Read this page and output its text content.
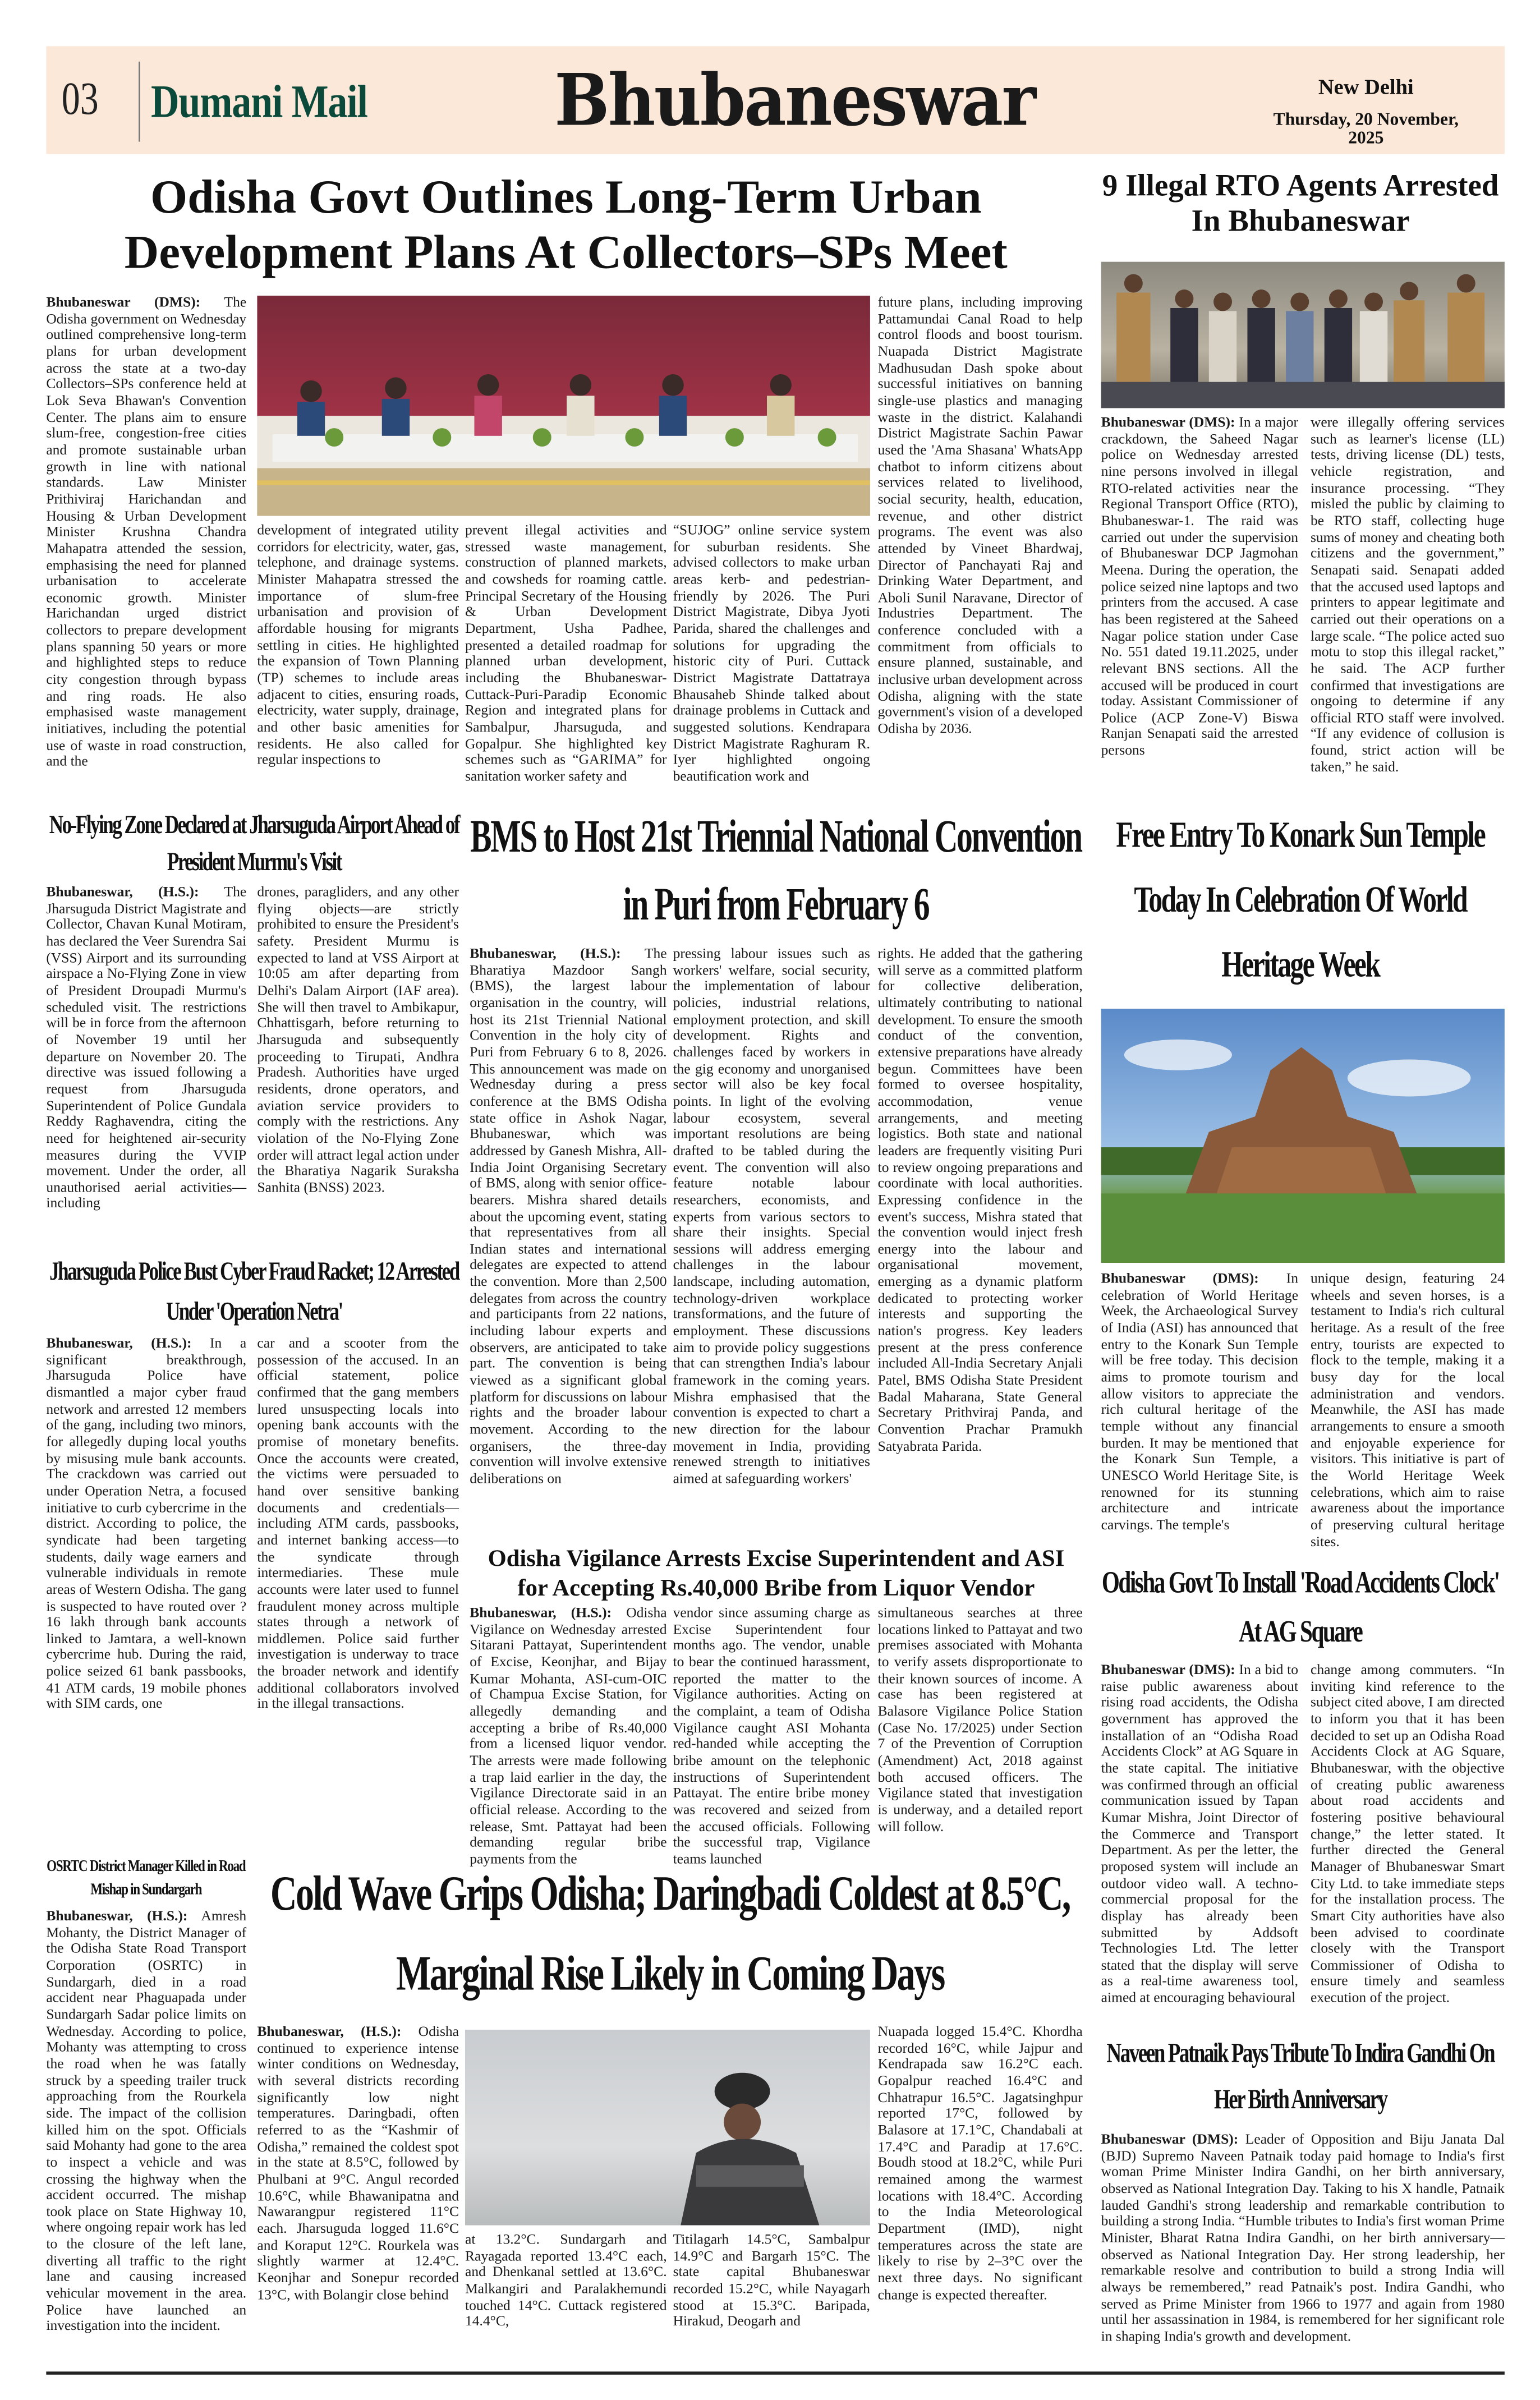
03	Dumani Mail	Bhubaneswar	New Delhi
Thursday, 20 November, 2025
Odisha Govt Outlines Long-Term Urban Development Plans At Collectors–SPs Meet
Bhubaneswar (DMS): The Odisha government on Wednesday outlined comprehensive long-term plans for urban development across the state at a two-day Collectors–SPs conference held at Lok Seva Bhawan's Convention Center. The plans aim to ensure slum-free, congestion-free cities and promote sustainable urban growth in line with national standards. Law Minister Prithiviraj Harichandan and Housing & Urban Development Minister Krushna Chandra Mahapatra attended the session, emphasising the need for planned urbanisation to accelerate economic growth. Minister Harichandan urged district collectors to prepare development plans spanning 50 years or more and highlighted steps to reduce city congestion through bypass and ring roads. He also emphasised waste management initiatives, including the potential use of waste in road construction, and the
development of integrated utility corridors for electricity, water, gas, telephone, and drainage systems. Minister Mahapatra stressed the importance of slum-free urbanisation and provision of affordable housing for migrants settling in cities. He highlighted the expansion of Town Planning (TP) schemes to include areas adjacent to cities, ensuring roads, electricity, water supply, drainage, and other basic amenities for residents. He also called for regular inspections to
prevent illegal activities and stressed waste management, construction of planned markets, and cowsheds for roaming cattle. Principal Secretary of the Housing & Urban Development Department, Usha Padhee, presented a detailed roadmap for planned urban development, including the Bhubaneswar-Cuttack-Puri-Paradip Economic Region and integrated plans for Sambalpur, Jharsuguda, and Gopalpur. She highlighted key schemes such as “GARIMA” for sanitation worker safety and
“SUJOG” online service system for suburban residents. She advised collectors to make urban areas kerb- and pedestrian-friendly by 2026. The Puri District Magistrate, Dibya Jyoti Parida, shared the challenges and solutions for upgrading the historic city of Puri. Cuttack District Magistrate Dattatraya Bhausaheb Shinde talked about drainage problems in Cuttack and suggested solutions. Kendrapara District Magistrate Raghuram R. Iyer highlighted ongoing beautification work and
future plans, including improving Pattamundai Canal Road to help control floods and boost tourism. Nuapada District Magistrate Madhusudan Dash spoke about successful initiatives on banning single-use plastics and managing waste in the district. Kalahandi District Magistrate Sachin Pawar used the 'Ama Shasana' WhatsApp chatbot to inform citizens about services related to livelihood, social security, health, education, revenue, and other district programs. The event was also attended by Vineet Bhardwaj, Director of Panchayati Raj and Drinking Water Department, and Aboli Sunil Naravane, Director of Industries Department. The conference concluded with a commitment from officials to ensure planned, sustainable, and inclusive urban development across Odisha, aligning with the state government's vision of a developed Odisha by 2036.
9 Illegal RTO Agents Arrested In Bhubaneswar
Bhubaneswar (DMS): In a major crackdown, the Saheed Nagar police on Wednesday arrested nine persons involved in illegal RTO-related activities near the Regional Transport Office (RTO), Bhubaneswar-1. The raid was carried out under the supervision of Bhubaneswar DCP Jagmohan Meena. During the operation, the police seized nine laptops and two printers from the accused. A case has been registered at the Saheed Nagar police station under Case No. 551 dated 19.11.2025, under relevant BNS sections. All the accused will be produced in court today. Assistant Commissioner of Police (ACP Zone-V) Biswa Ranjan Senapati said the arrested persons
were illegally offering services such as learner's license (LL) tests, driving license (DL) tests, vehicle registration, and insurance processing. “They misled the public by claiming to be RTO staff, collecting huge sums of money and cheating both citizens and the government,” Senapati said. Senapati added that the accused used laptops and printers to appear legitimate and carried out their operations on a large scale. “The police acted suo motu to stop this illegal racket,” he said. The ACP further confirmed that investigations are ongoing to determine if any official RTO staff were involved. “If any evidence of collusion is found, strict action will be taken,” he said.
No-Flying Zone Declared at Jharsuguda Airport Ahead of President Murmu's Visit
Bhubaneswar, (H.S.): The Jharsuguda District Magistrate and Collector, Chavan Kunal Motiram, has declared the Veer Surendra Sai (VSS) Airport and its surrounding airspace a No-Flying Zone in view of President Droupadi Murmu's scheduled visit. The restrictions will be in force from the afternoon of November 19 until her departure on November 20. The directive was issued following a request from Jharsuguda Superintendent of Police Gundala Reddy Raghavendra, citing the need for heightened air-security measures during the VVIP movement. Under the order, all unauthorised aerial activities—including
drones, paragliders, and any other flying objects—are strictly prohibited to ensure the President's safety. President Murmu is expected to land at VSS Airport at 10:05 am after departing from Delhi's Dalam Airport (IAF area). She will then travel to Ambikapur, Chhattisgarh, before returning to Jharsuguda and subsequently proceeding to Tirupati, Andhra Pradesh. Authorities have urged residents, drone operators, and aviation service providers to comply with the restrictions. Any violation of the No-Flying Zone order will attract legal action under the Bharatiya Nagarik Suraksha Sanhita (BNSS) 2023.
BMS to Host 21st Triennial National Convention in Puri from February 6
Bhubaneswar, (H.S.): The Bharatiya Mazdoor Sangh (BMS), the largest labour organisation in the country, will host its 21st Triennial National Convention in the holy city of Puri from February 6 to 8, 2026. This announcement was made on Wednesday during a press conference at the BMS Odisha state office in Ashok Nagar, Bhubaneswar, which was addressed by Ganesh Mishra, All-India Joint Organising Secretary of BMS, along with senior office-bearers. Mishra shared details about the upcoming event, stating that representatives from all Indian states and international delegates are expected to attend the convention. More than 2,500 delegates from across the country and participants from 22 nations, including labour experts and observers, are anticipated to take part. The convention is being viewed as a significant global platform for discussions on labour rights and the broader labour movement. According to the organisers, the three-day convention will involve extensive deliberations on
pressing labour issues such as workers' welfare, social security, the implementation of labour policies, industrial relations, employment protection, and skill development. Rights and challenges faced by workers in the gig economy and unorganised sector will also be key focal points. In light of the evolving labour ecosystem, several important resolutions are being drafted to be tabled during the event. The convention will also feature notable labour researchers, economists, and experts from various sectors to share their insights. Special sessions will address emerging challenges in the labour landscape, including automation, technology-driven workplace transformations, and the future of employment. These discussions aim to provide policy suggestions that can strengthen India's labour framework in the coming years. Mishra emphasised that the convention is expected to chart a new direction for the labour movement in India, providing renewed strength to initiatives aimed at safeguarding workers'
rights. He added that the gathering will serve as a committed platform for collective deliberation, ultimately contributing to national development. To ensure the smooth conduct of the convention, extensive preparations have already begun. Committees have been formed to oversee hospitality, accommodation, venue arrangements, and meeting logistics. Both state and national leaders are frequently visiting Puri to review ongoing preparations and coordinate with local authorities. Expressing confidence in the event's success, Mishra stated that the convention would inject fresh energy into the labour and organisational movement, emerging as a dynamic platform dedicated to protecting worker interests and supporting the nation's progress. Key leaders present at the press conference included All-India Secretary Anjali Patel, BMS Odisha State President Badal Maharana, State General Secretary Prithviraj Panda, and Convention Prachar Pramukh Satyabrata Parida.
Jharsuguda Police Bust Cyber Fraud Racket; 12 Arrested Under 'Operation Netra'
Bhubaneswar, (H.S.): In a significant breakthrough, Jharsuguda Police have dismantled a major cyber fraud network and arrested 12 members of the gang, including two minors, for allegedly duping local youths by misusing mule bank accounts. The crackdown was carried out under Operation Netra, a focused initiative to curb cybercrime in the district. According to police, the syndicate had been targeting students, daily wage earners and vulnerable individuals in remote areas of Western Odisha. The gang is suspected to have routed over ?16 lakh through bank accounts linked to Jamtara, a well-known cybercrime hub. During the raid, police seized 61 bank passbooks, 41 ATM cards, 19 mobile phones with SIM cards, one
car and a scooter from the possession of the accused. In an official statement, police confirmed that the gang members lured unsuspecting locals into opening bank accounts with the promise of monetary benefits. Once the accounts were created, the victims were persuaded to hand over sensitive banking documents and credentials—including ATM cards, passbooks, and internet banking access—to the syndicate through intermediaries. These mule accounts were later used to funnel fraudulent money across multiple states through a network of middlemen. Police said further investigation is underway to trace the broader network and identify additional collaborators involved in the illegal transactions.
OSRTC District Manager Killed in Road Mishap in Sundargarh
Bhubaneswar, (H.S.): Amresh Mohanty, the District Manager of the Odisha State Road Transport Corporation (OSRTC) in Sundargarh, died in a road accident near Phaguapada under Sundargarh Sadar police limits on Wednesday. According to police, Mohanty was attempting to cross the road when he was fatally struck by a speeding trailer truck approaching from the Rourkela side. The impact of the collision killed him on the spot. Officials said Mohanty had gone to the area to inspect a vehicle and was crossing the highway when the accident occurred. The mishap took place on State Highway 10, where ongoing repair work has led to the closure of the left lane, diverting all traffic to the right lane and causing increased vehicular movement in the area. Police have launched an investigation into the incident.
Odisha Vigilance Arrests Excise Superintendent and ASI for Accepting Rs.40,000 Bribe from Liquor Vendor
Bhubaneswar, (H.S.): Odisha Vigilance on Wednesday arrested Sitarani Pattayat, Superintendent of Excise, Keonjhar, and Bijay Kumar Mohanta, ASI-cum-OIC of Champua Excise Station, for allegedly demanding and accepting a bribe of Rs.40,000 from a licensed liquor vendor. The arrests were made following a trap laid earlier in the day, the Vigilance Directorate said in an official release. According to the release, Smt. Pattayat had been demanding regular bribe payments from the
vendor since assuming charge as Excise Superintendent four months ago. The vendor, unable to bear the continued harassment, reported the matter to the Vigilance authorities. Acting on the complaint, a team of Odisha Vigilance caught ASI Mohanta red-handed while accepting the bribe amount on the telephonic instructions of Superintendent Pattayat. The entire bribe money was recovered and seized from the accused officials. Following the successful trap, Vigilance teams launched
simultaneous searches at three locations linked to Pattayat and two premises associated with Mohanta to verify assets disproportionate to their known sources of income. A case has been registered at Balasore Vigilance Police Station (Case No. 17/2025) under Section 7 of the Prevention of Corruption (Amendment) Act, 2018 against both accused officers. The Vigilance stated that investigation is underway, and a detailed report will follow.
Cold Wave Grips Odisha; Daringbadi Coldest at 8.5°C, Marginal Rise Likely in Coming Days
Bhubaneswar, (H.S.): Odisha continued to experience intense winter conditions on Wednesday, with several districts recording significantly low night temperatures. Daringbadi, often referred to as the “Kashmir of Odisha,” remained the coldest spot in the state at 8.5°C, followed by Phulbani at 9°C. Angul recorded 10.6°C, while Bhawanipatna and Nawarangpur registered 11°C each. Jharsuguda logged 11.6°C and Koraput 12°C. Rourkela was slightly warmer at 12.4°C. Keonjhar and Sonepur recorded 13°C, with Bolangir close behind
at 13.2°C. Sundargarh and Rayagada reported 13.4°C each, and Dhenkanal settled at 13.6°C. Malkangiri and Paralakhemundi touched 14°C. Cuttack registered 14.4°C,
Titilagarh 14.5°C, Sambalpur 14.9°C and Bargarh 15°C. The state capital Bhubaneswar recorded 15.2°C, while Nayagarh stood at 15.3°C. Baripada, Hirakud, Deogarh and
Nuapada logged 15.4°C. Khordha recorded 16°C, while Jajpur and Kendrapada saw 16.2°C each. Gopalpur reached 16.4°C and Chhatrapur 16.5°C. Jagatsinghpur reported 17°C, followed by Balasore at 17.1°C, Chandabali at 17.4°C and Paradip at 17.6°C. Boudh stood at 18.2°C, while Puri remained among the warmest locations with 18.4°C. According to the India Meteorological Department (IMD), night temperatures across the state are likely to rise by 2–3°C over the next three days. No significant change is expected thereafter.
Free Entry To Konark Sun Temple Today In Celebration Of World Heritage Week
Bhubaneswar (DMS): In celebration of World Heritage Week, the Archaeological Survey of India (ASI) has announced that entry to the Konark Sun Temple will be free today. This decision aims to promote tourism and allow visitors to appreciate the rich cultural heritage of the temple without any financial burden. It may be mentioned that the Konark Sun Temple, a UNESCO World Heritage Site, is renowned for its stunning architecture and intricate carvings. The temple's
unique design, featuring 24 wheels and seven horses, is a testament to India's rich cultural heritage. As a result of the free entry, tourists are expected to flock to the temple, making it a busy day for the local administration and vendors. Meanwhile, the ASI has made arrangements to ensure a smooth and enjoyable experience for visitors. This initiative is part of the World Heritage Week celebrations, which aim to raise awareness about the importance of preserving cultural heritage sites.
Odisha Govt To Install 'Road Accidents Clock' At AG Square
Bhubaneswar (DMS): In a bid to raise public awareness about rising road accidents, the Odisha government has approved the installation of an “Odisha Road Accidents Clock” at AG Square in the state capital. The initiative was confirmed through an official communication issued by Tapan Kumar Mishra, Joint Director of the Commerce and Transport Department. As per the letter, the proposed system will include an outdoor video wall. A techno-commercial proposal for the display has already been submitted by Addsoft Technologies Ltd. The letter stated that the display will serve as a real-time awareness tool, aimed at encouraging behavioural
change among commuters. “In inviting kind reference to the subject cited above, I am directed to inform you that it has been decided to set up an Odisha Road Accidents Clock at AG Square, Bhubaneswar, with the objective of creating public awareness about road accidents and fostering positive behavioural change,” the letter stated. It further directed the General Manager of Bhubaneswar Smart City Ltd. to take immediate steps for the installation process. The Smart City authorities have also been advised to coordinate closely with the Transport Commissioner of Odisha to ensure timely and seamless execution of the project.
Naveen Patnaik Pays Tribute To Indira Gandhi On Her Birth Anniversary
Bhubaneswar (DMS): Leader of Opposition and Biju Janata Dal (BJD) Supremo Naveen Patnaik today paid homage to India's first woman Prime Minister Indira Gandhi, on her birth anniversary, observed as National Integration Day. Taking to his X handle, Patnaik lauded Gandhi's strong leadership and remarkable contribution to building a strong India. “Humble tributes to India's first woman Prime Minister, Bharat Ratna Indira Gandhi, on her birth anniversary—observed as National Integration Day. Her strong leadership, her remarkable resolve and contribution to build a strong India will always be remembered,” read Patnaik's post. Indira Gandhi, who served as Prime Minister from 1966 to 1977 and again from 1980 until her assassination in 1984, is remembered for her significant role in shaping India's growth and development.
